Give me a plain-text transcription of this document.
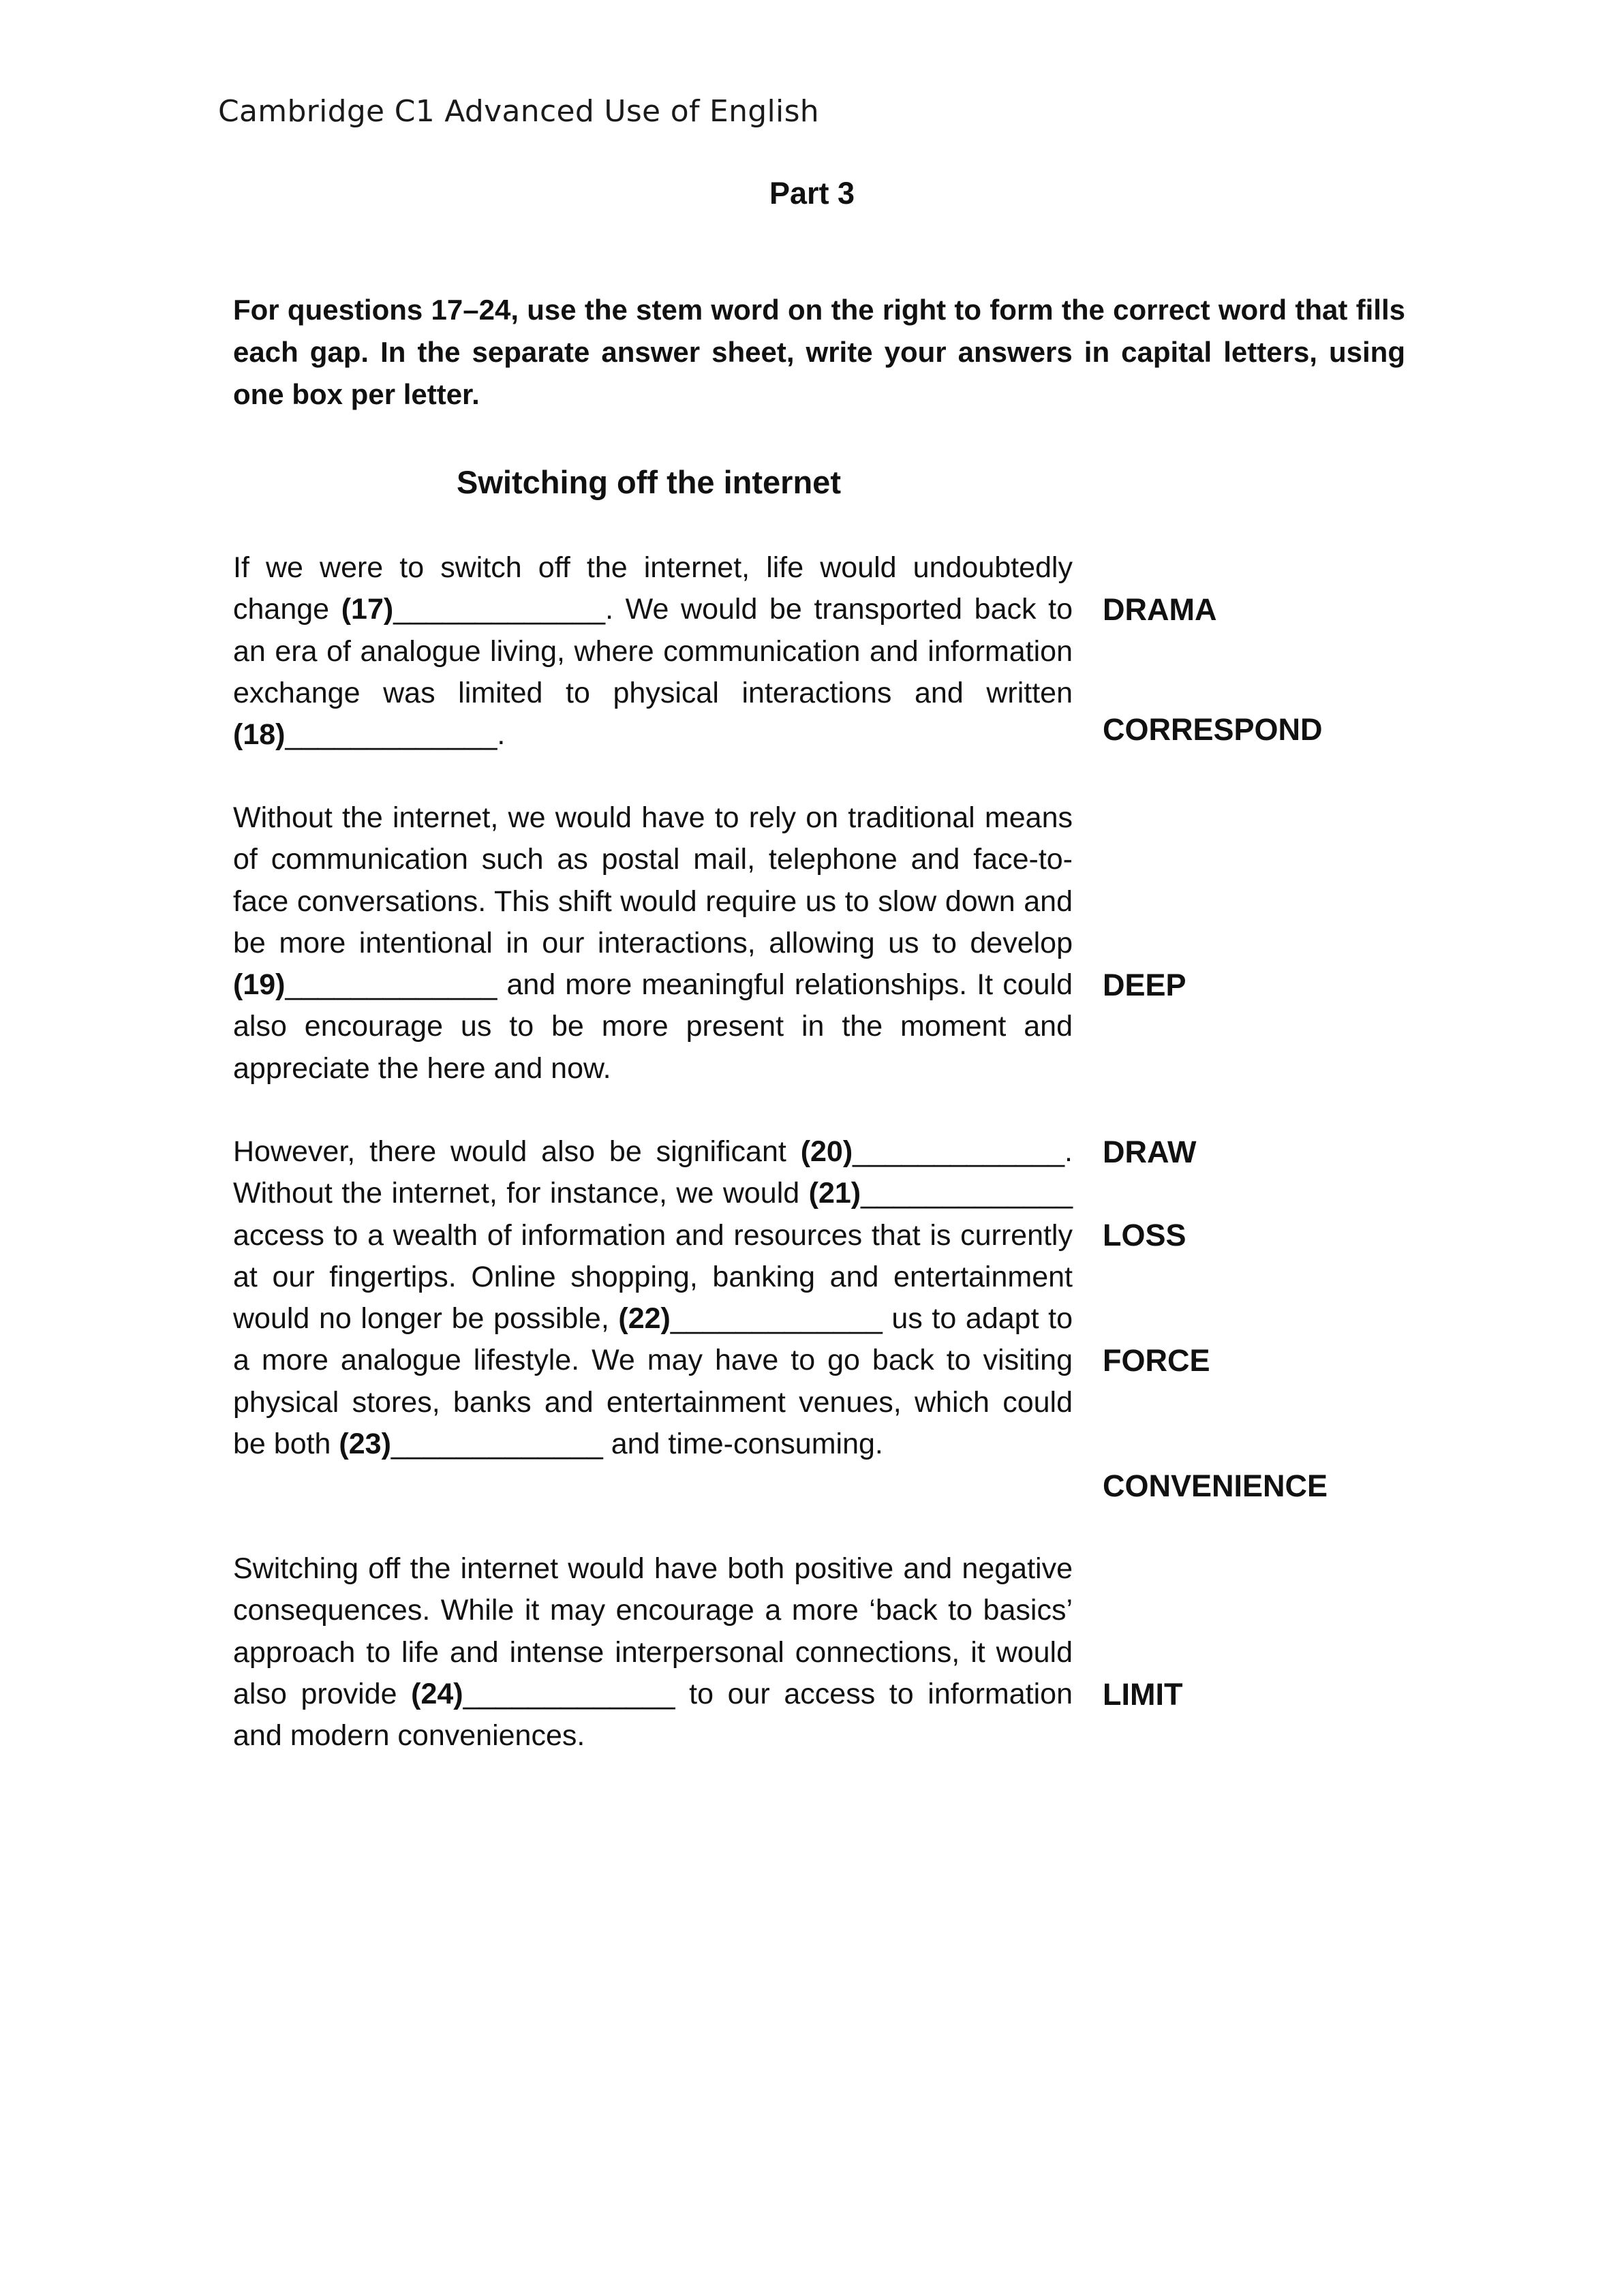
Cambridge C1 Advanced Use of English
Part 3
For questions 17–24, use the stem word on the right to form the correct word that fills each gap. In the separate answer sheet, write your answers in capital letters, using one box per letter.
Switching off the internet

If we were to switch off the internet, life would undoubtedly change (17)_____________. We would be transported back to an era of analogue living, where communication and information exchange was limited to physical interactions and written (18)_____________.

Without the internet, we would have to rely on traditional means of communication such as postal mail, telephone and face-to-face conversations. This shift would require us to slow down and be more intentional in our interactions, allowing us to develop (19)_____________ and more meaningful relationships. It could also encourage us to be more present in the moment and appreciate the here and now.

However, there would also be significant (20)_____________. Without the internet, for instance, we would (21)_____________ access to a wealth of information and resources that is currently at our fingertips. Online shopping, banking and entertainment would no longer be possible, (22)_____________ us to adapt to a more analogue lifestyle. We may have to go back to visiting physical stores, banks and entertainment venues, which could be both (23)_____________ and time-consuming.

Switching off the internet would have both positive and negative consequences. While it may encourage a more ‘back to basics’ approach to life and intense interpersonal connections, it would also provide (24)_____________ to our access to information and modern conveniences.

DRAMA
CORRESPOND
DEEP
DRAW
LOSS
FORCE
CONVENIENCE
LIMIT
